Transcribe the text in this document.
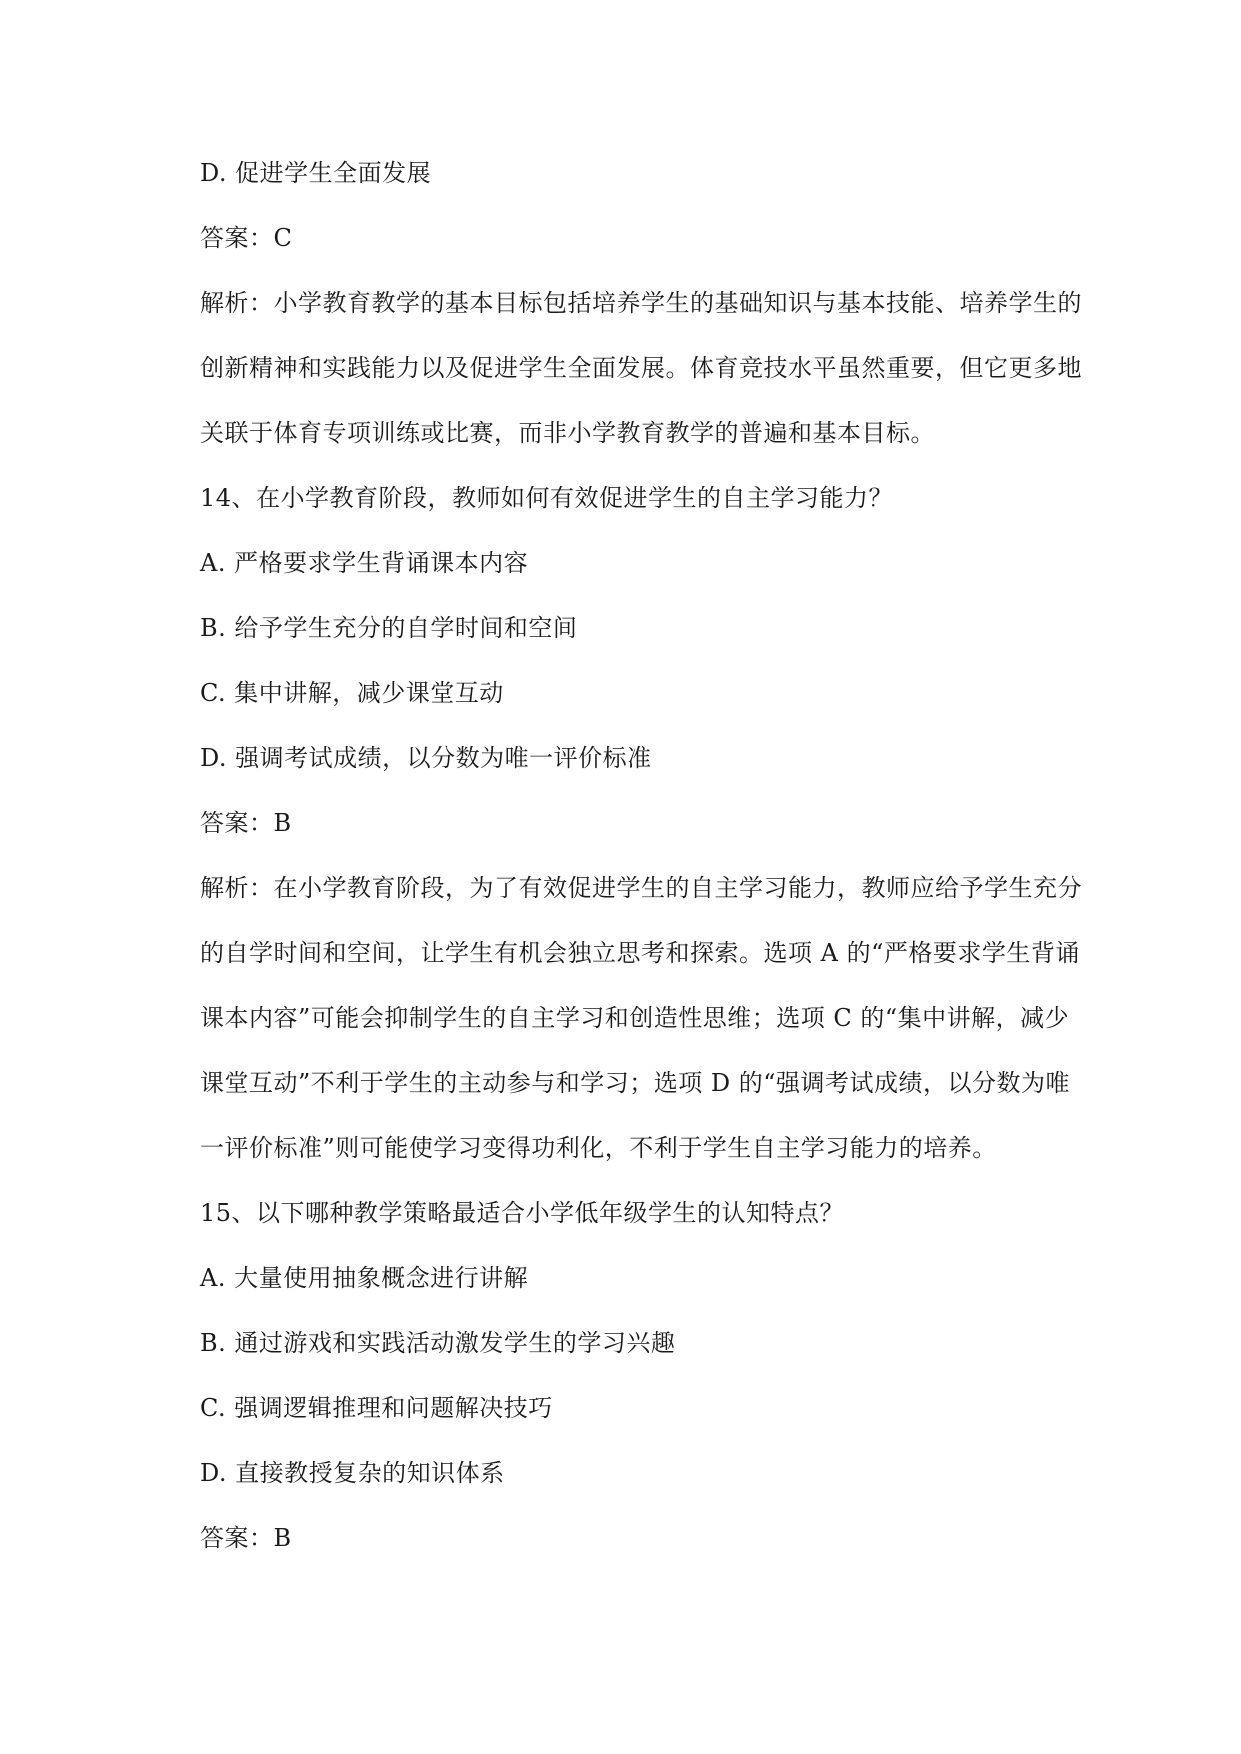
D. 促进学生全面发展
答案：C
解析：小学教育教学的基本目标包括培养学生的基础知识与基本技能、培养学生的
创新精神和实践能力以及促进学生全面发展。体育竞技水平虽然重要，但它更多地
关联于体育专项训练或比赛，而非小学教育教学的普遍和基本目标。
14、在小学教育阶段，教师如何有效促进学生的自主学习能力？
A. 严格要求学生背诵课本内容
B. 给予学生充分的自学时间和空间
C. 集中讲解，减少课堂互动
D. 强调考试成绩，以分数为唯一评价标准
答案：B
解析：在小学教育阶段，为了有效促进学生的自主学习能力，教师应给予学生充分
的自学时间和空间，让学生有机会独立思考和探索。选项 A 的“严格要求学生背诵
课本内容”可能会抑制学生的自主学习和创造性思维；选项 C 的“集中讲解，减少
课堂互动”不利于学生的主动参与和学习；选项 D 的“强调考试成绩，以分数为唯
一评价标准”则可能使学习变得功利化，不利于学生自主学习能力的培养。
15、以下哪种教学策略最适合小学低年级学生的认知特点？
A. 大量使用抽象概念进行讲解
B. 通过游戏和实践活动激发学生的学习兴趣
C. 强调逻辑推理和问题解决技巧
D. 直接教授复杂的知识体系
答案：B
